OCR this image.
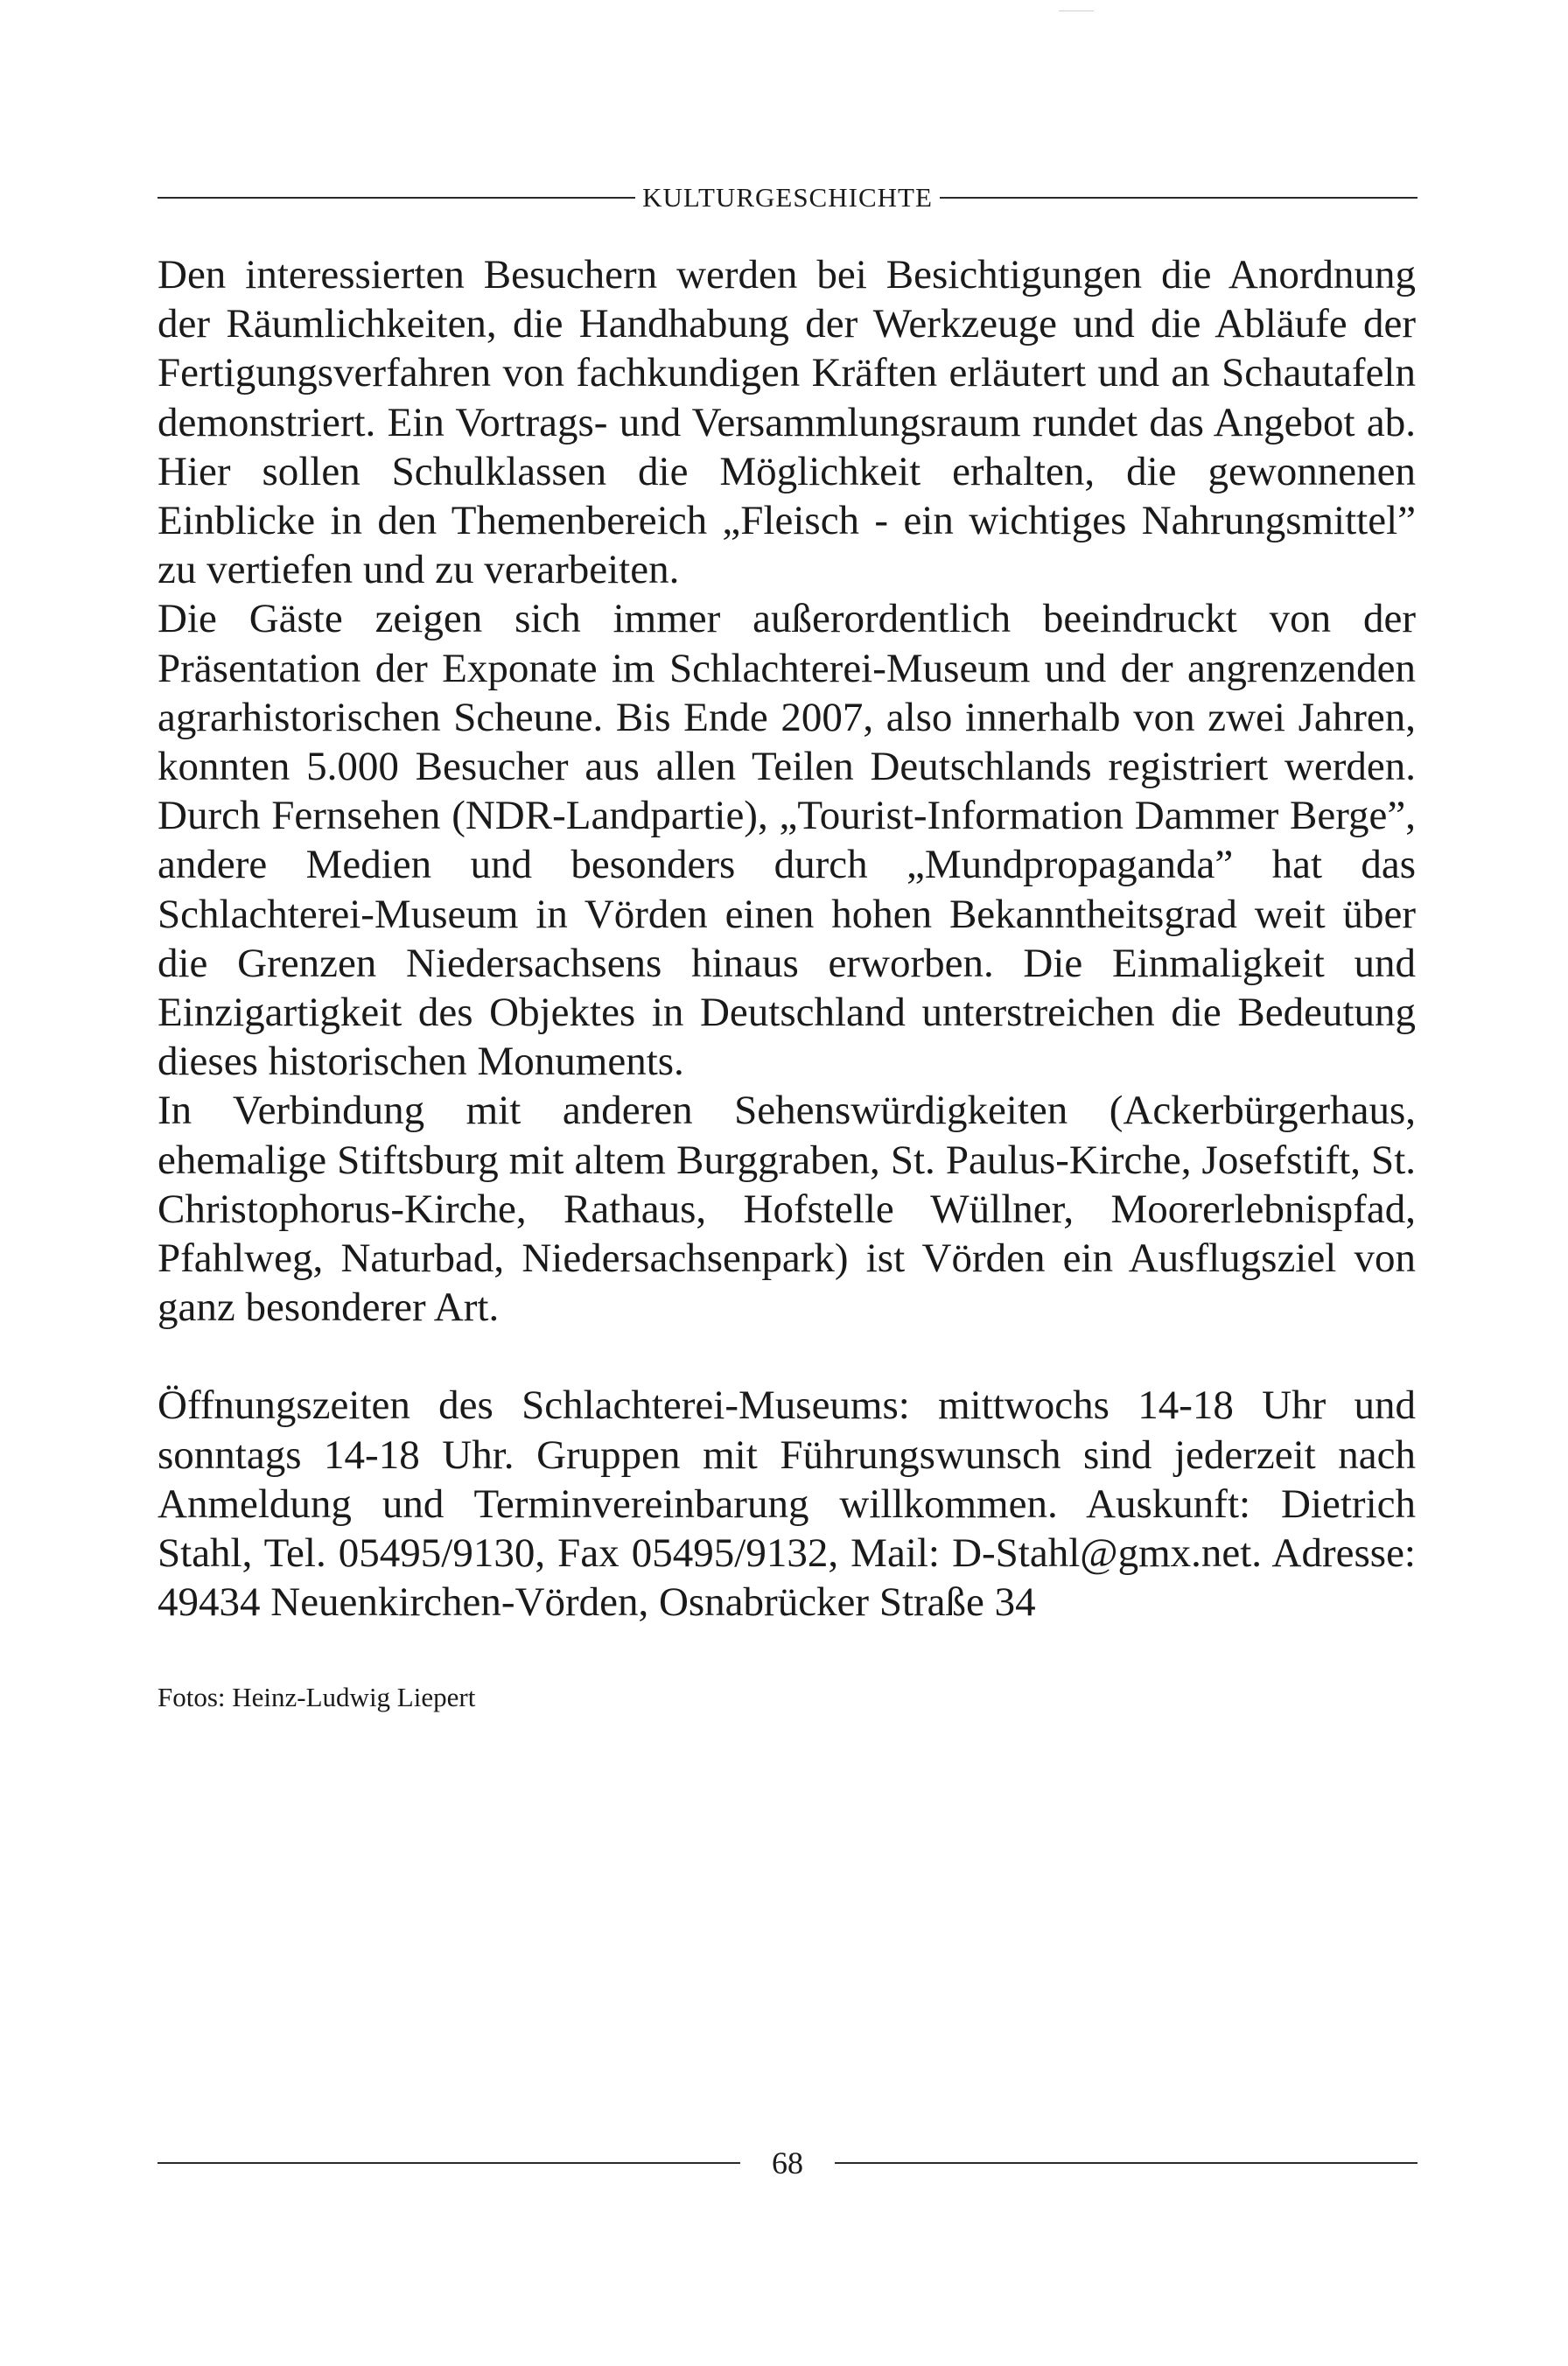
KULTURGESCHICHTE

Den interessierten Besuchern werden bei Besichtigungen die Anordnung der Räumlichkeiten, die Handhabung der Werkzeuge und die Abläufe der Fertigungsverfahren von fachkundigen Kräften erläutert und an Schautafeln demonstriert. Ein Vortrags- und Versammlungsraum rundet das Angebot ab. Hier sollen Schulklassen die Möglichkeit erhalten, die gewonnenen Einblicke in den Themenbereich „Fleisch - ein wichtiges Nahrungsmittel” zu vertiefen und zu verarbeiten.

Die Gäste zeigen sich immer außerordentlich beeindruckt von der Präsentation der Exponate im Schlachterei-Museum und der angrenzenden agrarhistorischen Scheune. Bis Ende 2007, also innerhalb von zwei Jahren, konnten 5.000 Besucher aus allen Teilen Deutschlands registriert werden. Durch Fernsehen (NDR-Landpartie), „Tourist-Information Dammer Berge”, andere Medien und besonders durch „Mundpropaganda” hat das Schlachterei-Museum in Vörden einen hohen Bekanntheitsgrad weit über die Grenzen Niedersachsens hinaus erworben. Die Einmaligkeit und Einzigartigkeit des Objektes in Deutschland unterstreichen die Bedeutung dieses historischen Monuments.

In Verbindung mit anderen Sehenswürdigkeiten (Ackerbürgerhaus, ehemalige Stiftsburg mit altem Burggraben, St. Paulus-Kirche, Josefstift, St. Christophorus-Kirche, Rathaus, Hofstelle Wüllner, Moorerlebnispfad, Pfahlweg, Naturbad, Niedersachsenpark) ist Vörden ein Ausflugsziel von ganz besonderer Art.

Öffnungszeiten des Schlachterei-Museums: mittwochs 14-18 Uhr und sonntags 14-18 Uhr. Gruppen mit Führungswunsch sind jederzeit nach Anmeldung und Terminvereinbarung willkommen. Auskunft: Dietrich Stahl, Tel. 05495/9130, Fax 05495/9132, Mail: D-Stahl@gmx.net. Adresse: 49434 Neuenkirchen-Vörden, Osnabrücker Straße 34

Fotos: Heinz-Ludwig Liepert
68
